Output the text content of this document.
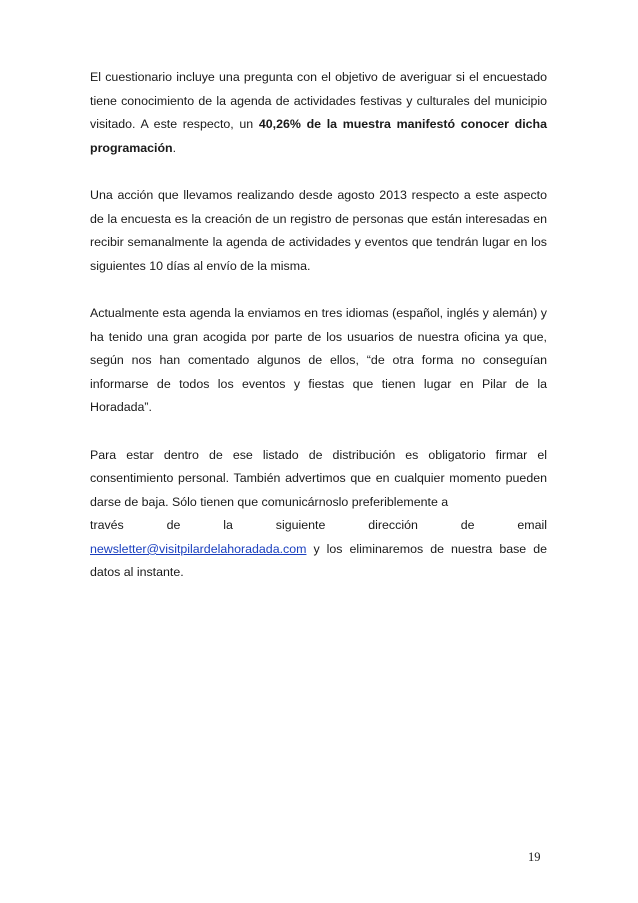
El cuestionario incluye una pregunta con el objetivo de averiguar si el encuestado tiene conocimiento de la agenda de actividades festivas y culturales del municipio visitado. A este respecto, un 40,26% de la muestra manifestó conocer dicha programación.

Una acción que llevamos realizando desde agosto 2013 respecto a este aspecto de la encuesta es la creación de un registro de personas que están interesadas en recibir semanalmente la agenda de actividades y eventos que tendrán lugar en los siguientes 10 días al envío de la misma.

Actualmente esta agenda la enviamos en tres idiomas (español, inglés y alemán) y ha tenido una gran acogida por parte de los usuarios de nuestra oficina ya que, según nos han comentado algunos de ellos, “de otra forma no conseguían informarse de todos los eventos y fiestas que tienen lugar en Pilar de la Horadada”.

Para estar dentro de ese listado de distribución es obligatorio firmar el consentimiento personal. También advertimos que en cualquier momento pueden darse de baja. Sólo tienen que comunicárnoslo preferiblemente a
través de la siguiente dirección de email
newsletter@visitpilardelahoradada.com y los eliminaremos de nuestra base de datos al instante.

19
